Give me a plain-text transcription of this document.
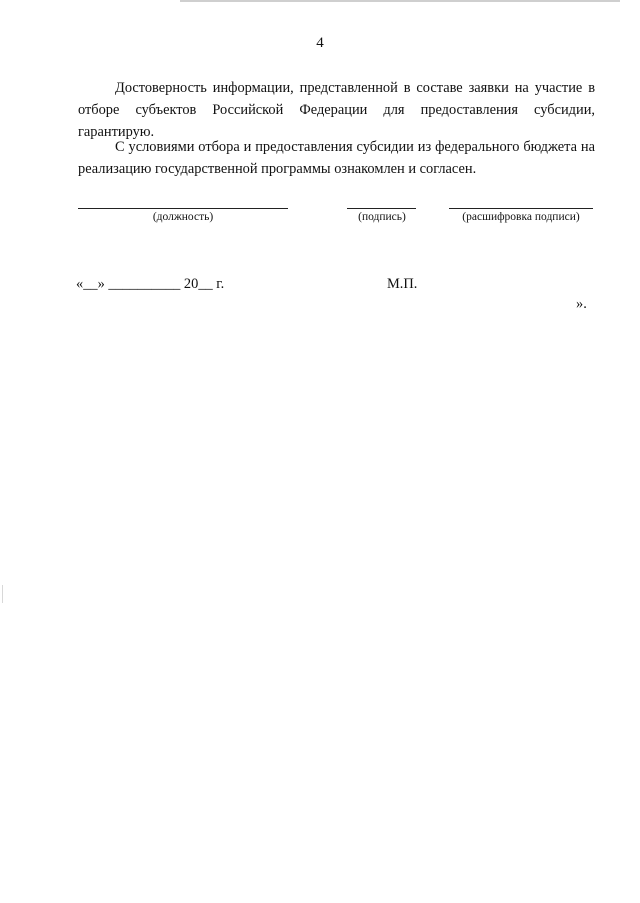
4

Достоверность информации, представленной в составе заявки на участие в отборе субъектов Российской Федерации для предоставления субсидии, гарантирую.

С условиями отбора и предоставления субсидии из федерального бюджета на реализацию государственной программы ознакомлен и согласен.

(должность)	(подпись)	(расшифровка подписи)
«__» __________ 20__ г.	М.П.
».
